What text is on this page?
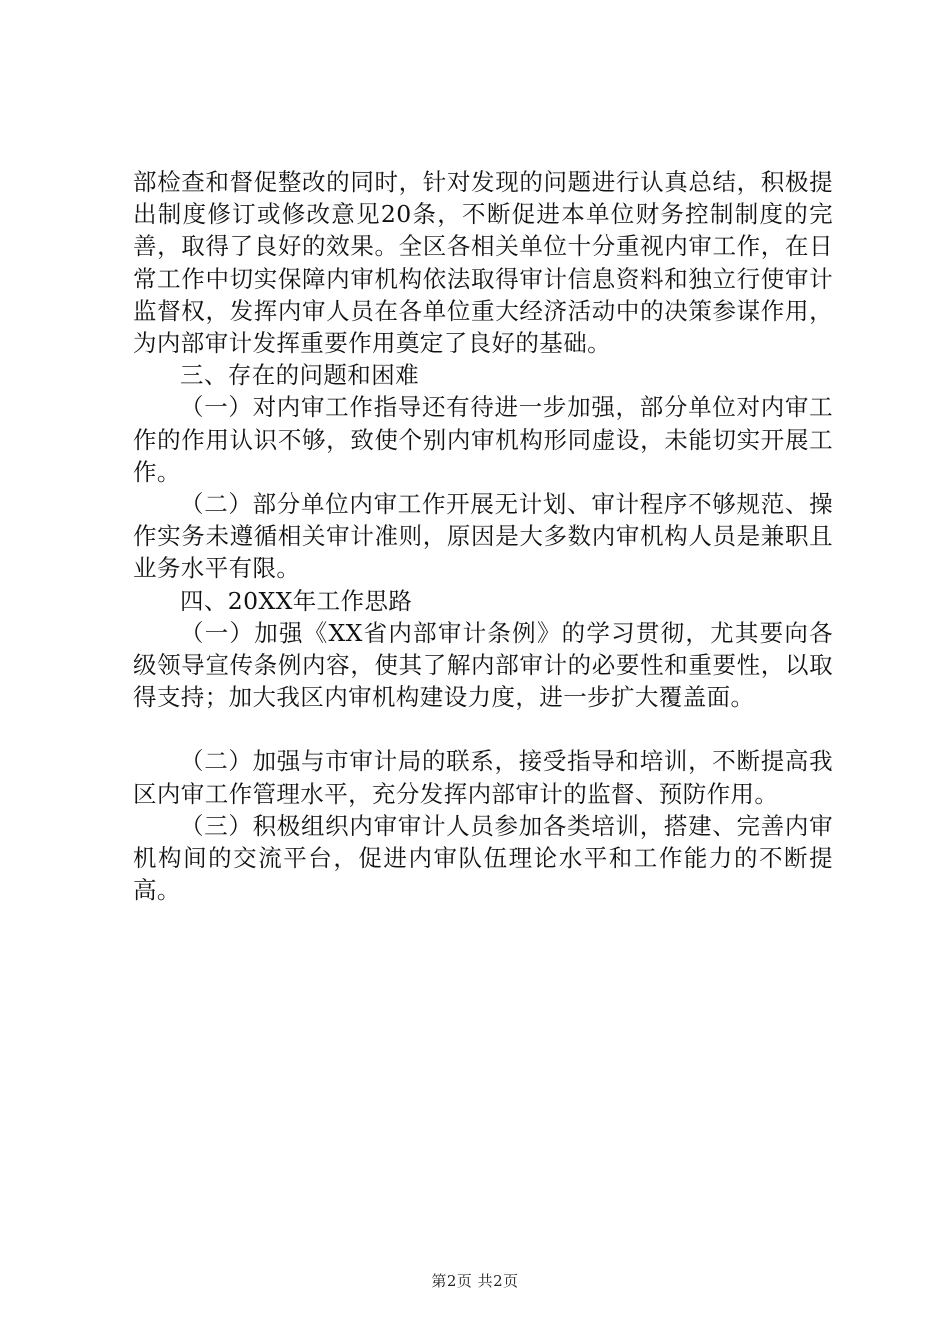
部检查和督促整改的同时，针对发现的问题进行认真总结，积极提出制度修订或修改意见20条，不断促进本单位财务控制制度的完善，取得了良好的效果。全区各相关单位十分重视内审工作，在日常工作中切实保障内审机构依法取得审计信息资料和独立行使审计监督权，发挥内审人员在各单位重大经济活动中的决策参谋作用，为内部审计发挥重要作用奠定了良好的基础。

三、存在的问题和困难

（一）对内审工作指导还有待进一步加强，部分单位对内审工作的作用认识不够，致使个别内审机构形同虚设，未能切实开展工作。

（二）部分单位内审工作开展无计划、审计程序不够规范、操作实务未遵循相关审计准则，原因是大多数内审机构人员是兼职且业务水平有限。

四、20XX年工作思路

（一）加强《XX省内部审计条例》的学习贯彻，尤其要向各级领导宣传条例内容，使其了解内部审计的必要性和重要性，以取得支持；加大我区内审机构建设力度，进一步扩大覆盖面。

（二）加强与市审计局的联系，接受指导和培训，不断提高我区内审工作管理水平，充分发挥内部审计的监督、预防作用。

（三）积极组织内审审计人员参加各类培训，搭建、完善内审机构间的交流平台，促进内审队伍理论水平和工作能力的不断提高。

第2页 共2页
